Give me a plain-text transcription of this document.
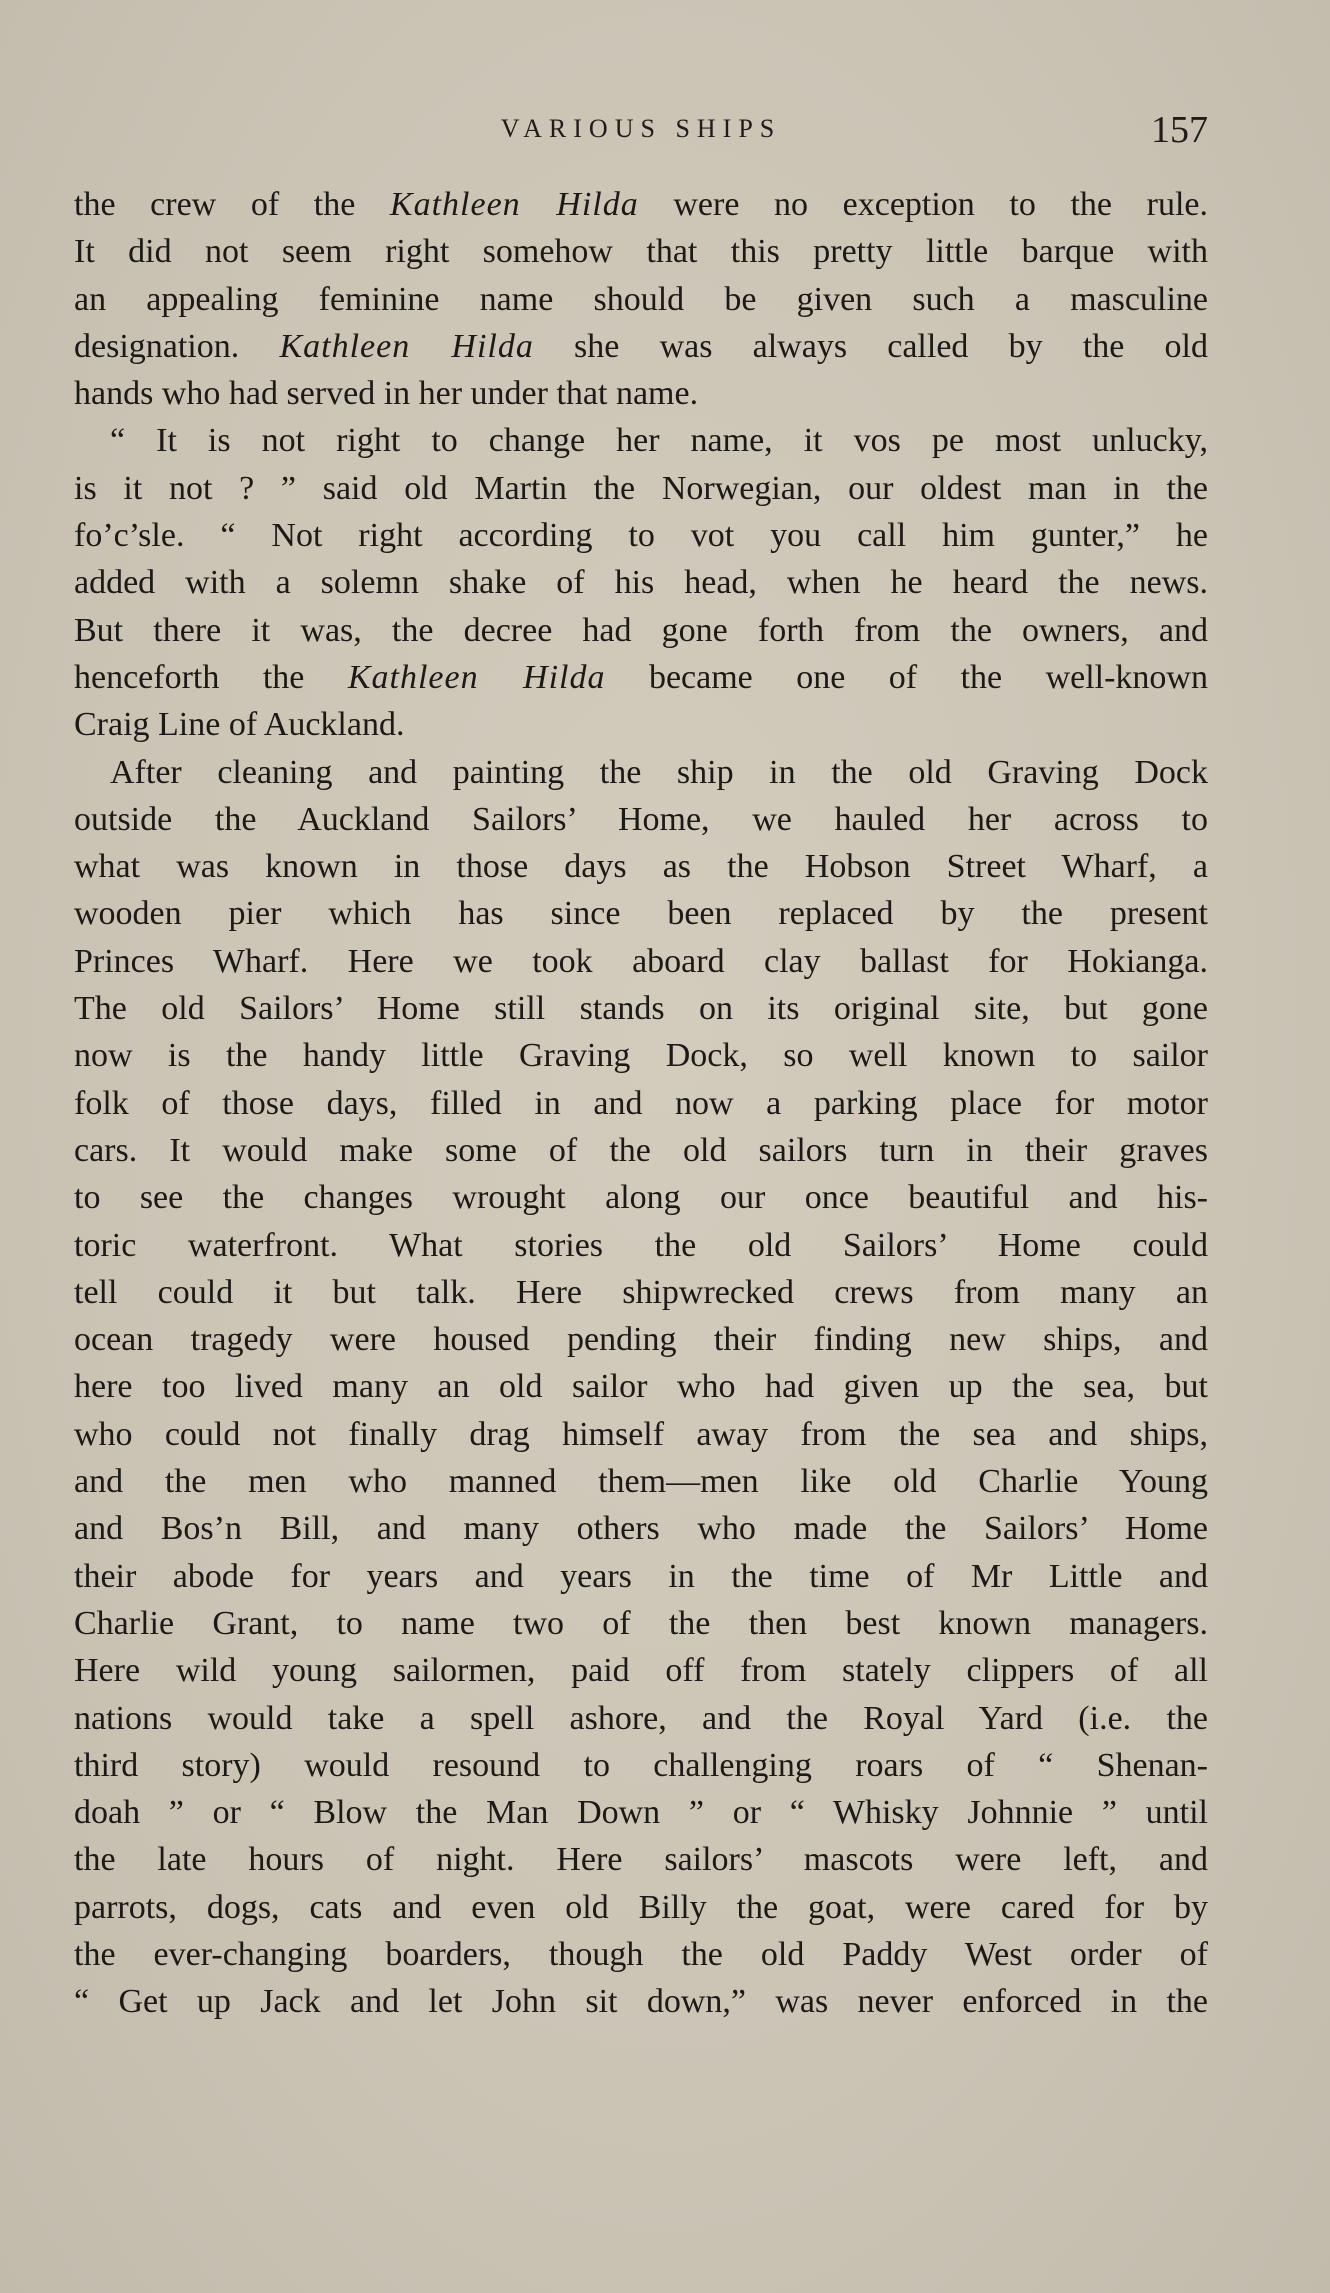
VARIOUS SHIPS	157
the crew of the Kathleen Hilda were no exception to the rule.
It did not seem right somehow that this pretty little barque with
an appealing feminine name should be given such a masculine
designation. Kathleen Hilda she was always called by the old
hands who had served in her under that name.
“ It is not right to change her name, it vos pe most unlucky,
is it not ? ” said old Martin the Norwegian, our oldest man in the
fo’c’sle. “ Not right according to vot you call him gunter,” he
added with a solemn shake of his head, when he heard the news.
But there it was, the decree had gone forth from the owners, and
henceforth the Kathleen Hilda became one of the well-known
Craig Line of Auckland.
After cleaning and painting the ship in the old Graving Dock
outside the Auckland Sailors’ Home, we hauled her across to
what was known in those days as the Hobson Street Wharf, a
wooden pier which has since been replaced by the present
Princes Wharf. Here we took aboard clay ballast for Hokianga.
The old Sailors’ Home still stands on its original site, but gone
now is the handy little Graving Dock, so well known to sailor
folk of those days, filled in and now a parking place for motor
cars. It would make some of the old sailors turn in their graves
to see the changes wrought along our once beautiful and his-
toric waterfront. What stories the old Sailors’ Home could
tell could it but talk. Here shipwrecked crews from many an
ocean tragedy were housed pending their finding new ships, and
here too lived many an old sailor who had given up the sea, but
who could not finally drag himself away from the sea and ships,
and the men who manned them—men like old Charlie Young
and Bos’n Bill, and many others who made the Sailors’ Home
their abode for years and years in the time of Mr Little and
Charlie Grant, to name two of the then best known managers.
Here wild young sailormen, paid off from stately clippers of all
nations would take a spell ashore, and the Royal Yard (i.e. the
third story) would resound to challenging roars of “ Shenan-
doah ” or “ Blow the Man Down ” or “ Whisky Johnnie ” until
the late hours of night. Here sailors’ mascots were left, and
parrots, dogs, cats and even old Billy the goat, were cared for by
the ever-changing boarders, though the old Paddy West order of
“ Get up Jack and let John sit down,” was never enforced in the
